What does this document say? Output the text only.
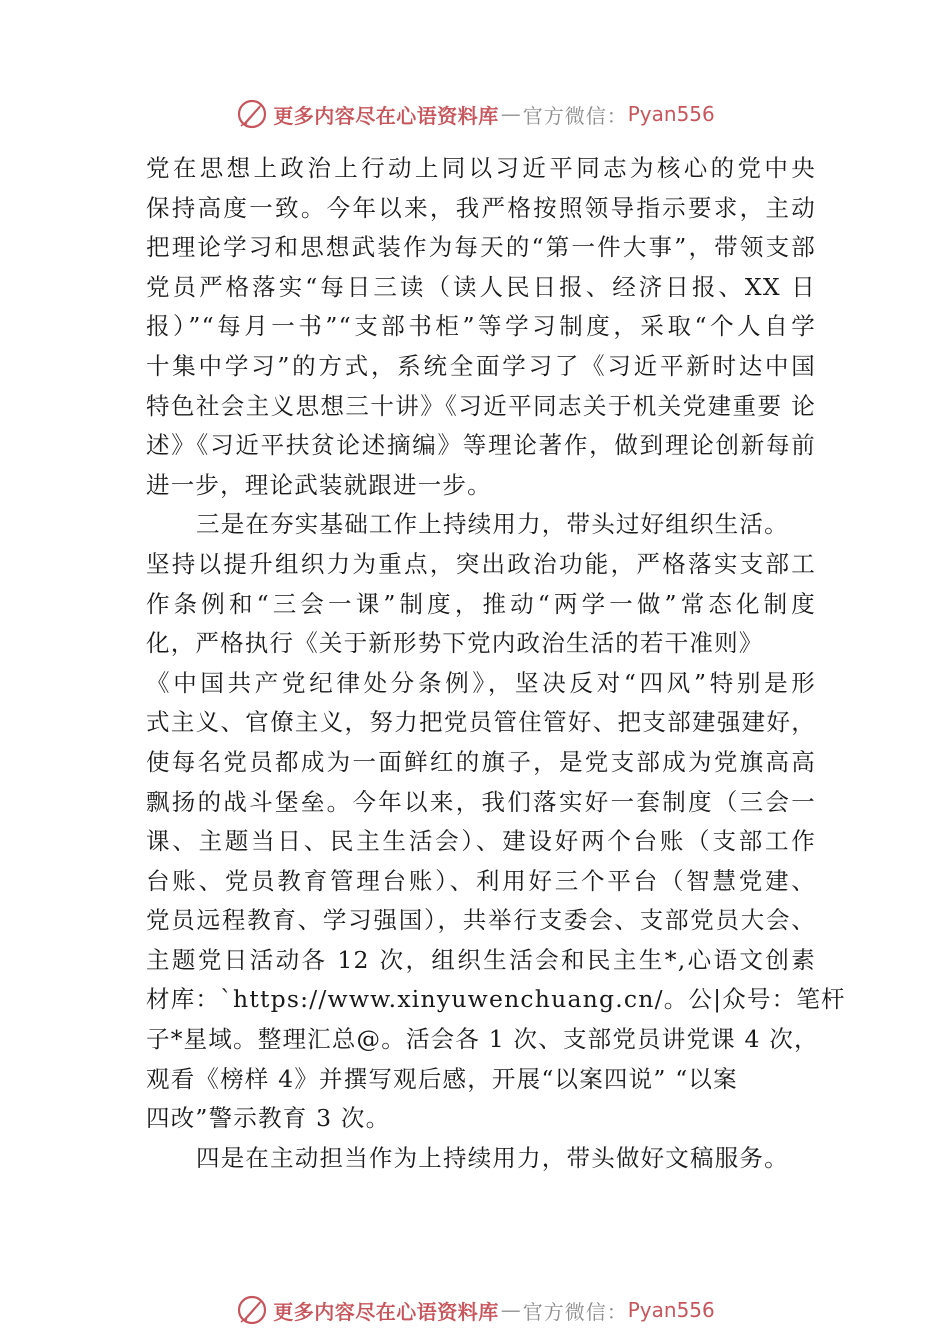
更多内容尽在心语资料库 — 官方微信： Pyan556
党在思想上政治上行动上同以习近平同志为核心的党中央
保持高度一致。今年以来，我严格按照领导指示要求，主动
把理论学习和思想武装作为每天的“第一件大事”，带领支部
党员严格落实“每日三读（读人民日报、经济日报、XX 日
报）”“每月一书”“支部书柜”等学习制度，采取“个人自学
十集中学习”的方式，系统全面学习了《习近平新时达中国
特色社会主义思想三十讲》《习近平同志关于机关党建重要 论
述》《习近平扶贫论述摘编》等理论著作，做到理论创新每前
进一步，理论武装就跟进一步。
三是在夯实基础工作上持续用力，带头过好组织生活。
坚持以提升组织力为重点，突出政治功能，严格落实支部工
作条例和“三会一课”制度，推动“两学一做”常态化制度
化，严格执行《关于新形势下党内政治生活的若干准则》
《中国共产党纪律处分条例》，坚决反对“四风”特别是形
式主义、官僚主义，努力把党员管住管好、把支部建强建好，
使每名党员都成为一面鲜红的旗子，是党支部成为党旗高高
飘扬的战斗堡垒。今年以来，我们落实好一套制度（三会一
课、主题当日、民主生活会）、建设好两个台账（支部工作
台账、党员教育管理台账）、利用好三个平台（智慧党建、
党员远程教育、学习强国），共举行支委会、支部党员大会、
主题党日活动各 12 次，组织生活会和民主生*,心语文创素
材库：`https://www.xinyuwenchuang.cn/。公|众号：笔杆
子*星域。整理汇总@。活会各 1 次、支部党员讲党课 4 次，
观看《榜样 4》并撰写观后感，开展“以案四说” “以案
四改”警示教育 3 次。
四是在主动担当作为上持续用力，带头做好文稿服务。
更多内容尽在心语资料库 — 官方微信： Pyan556
